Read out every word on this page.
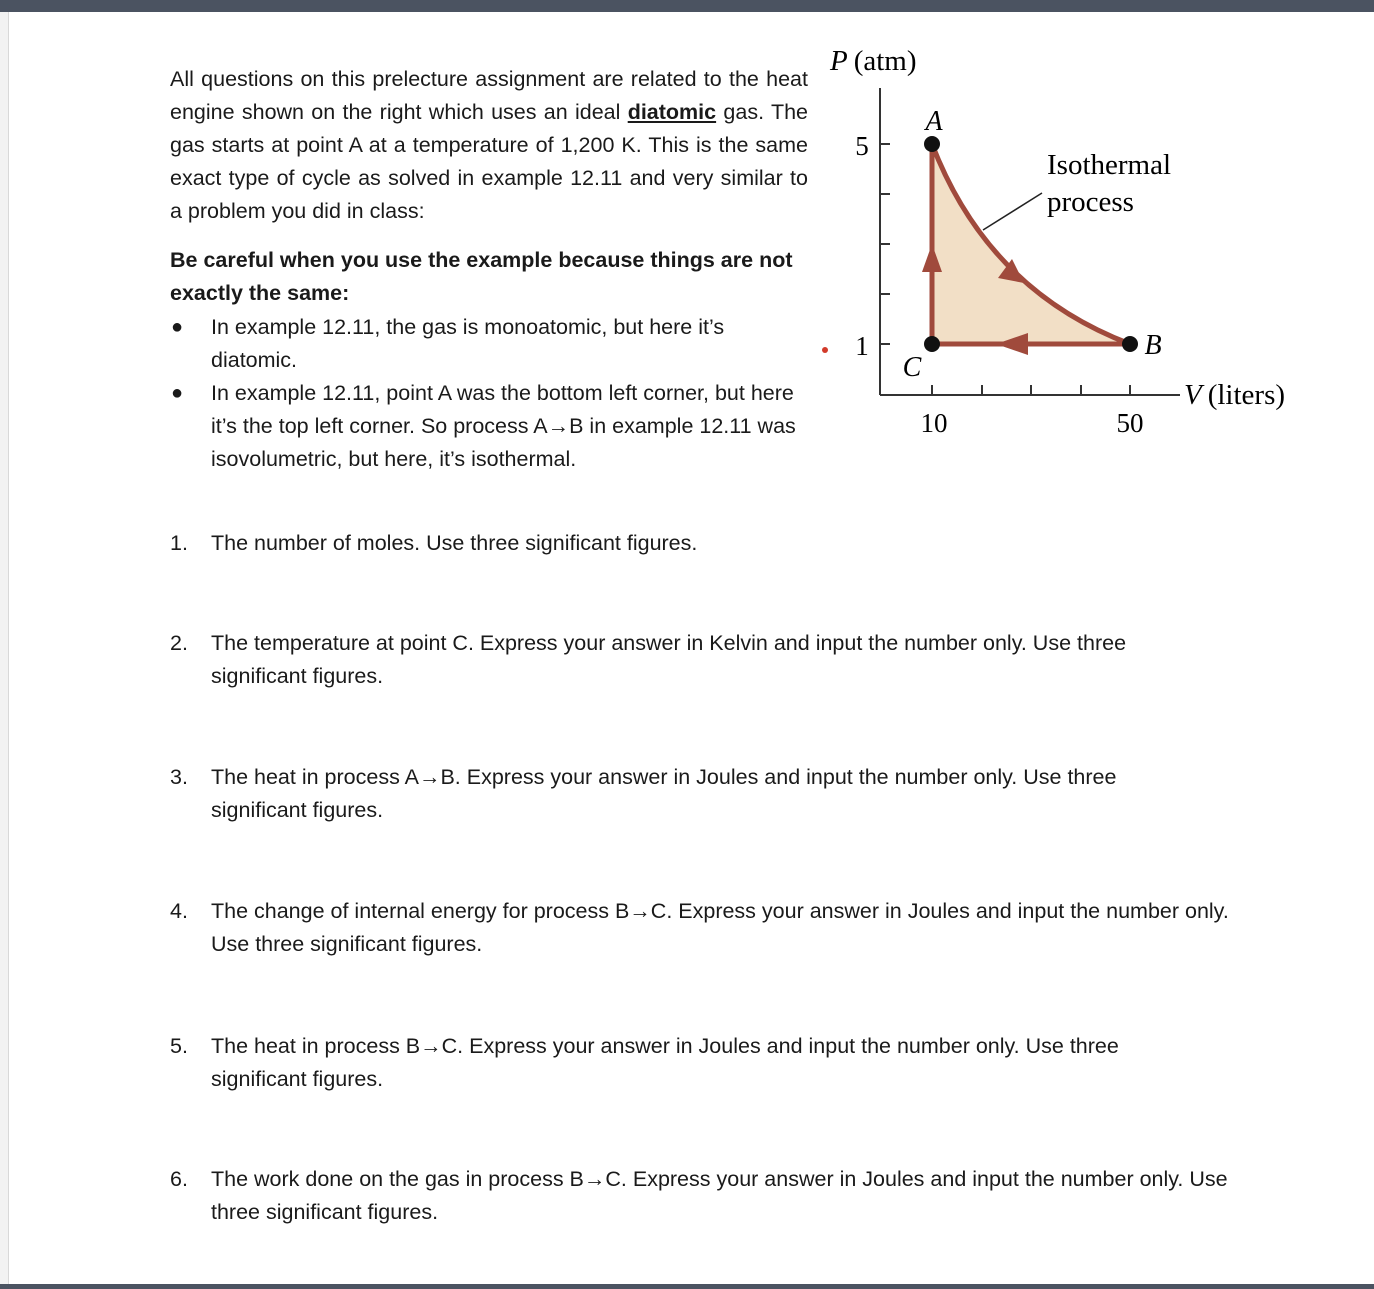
All questions on this prelecture assignment are related to the heat engine shown on the right which uses an ideal diatomic gas. The gas starts at point A at a temperature of 1,200 K. This is the same exact type of cycle as solved in example 12.11 and very similar to a problem you did in class:

Be careful when you use the example because things are not exactly the same:

● In example 12.11, the gas is monoatomic, but here it’s diatomic.
● In example 12.11, point A was the bottom left corner, but here it’s the top left corner. So process A→B in example 12.11 was isovolumetric, but here, it’s isothermal.
1. The number of moles. Use three significant figures.
2. The temperature at point C. Express your answer in Kelvin and input the number only. Use three significant figures.
3. The heat in process A→B. Express your answer in Joules and input the number only. Use three significant figures.
4. The change of internal energy for process B→C. Express your answer in Joules and input the number only. Use three significant figures.
5. The heat in process B→C. Express your answer in Joules and input the number only. Use three significant figures.
6. The work done on the gas in process B→C. Express your answer in Joules and input the number only. Use three significant figures.
P (atm)
5
1
10	50
A
B
C
Isothermal
process
V (liters)
